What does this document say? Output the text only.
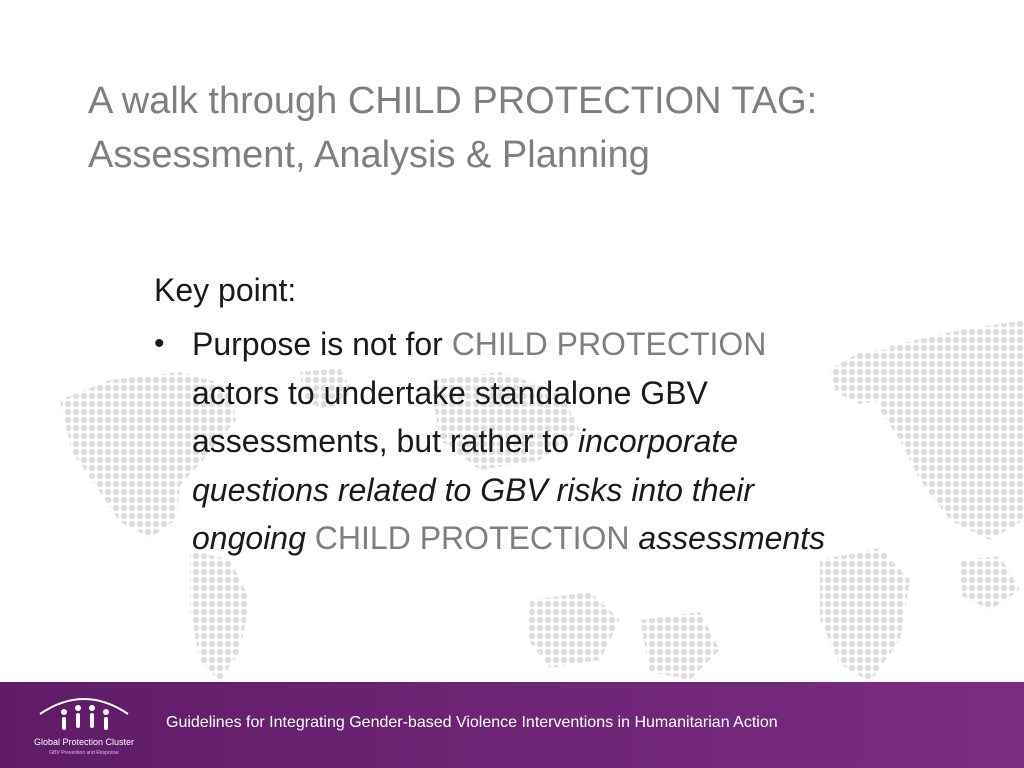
A walk through CHILD PROTECTION TAG:
Assessment, Analysis & Planning
Key point:
• Purpose is not for CHILD PROTECTION actors to undertake standalone GBV assessments, but rather to incorporate questions related to GBV risks into their ongoing CHILD PROTECTION assessments
Global Protection Cluster
GBV Prevention and Response
Guidelines for Integrating Gender-based Violence Interventions in Humanitarian Action
